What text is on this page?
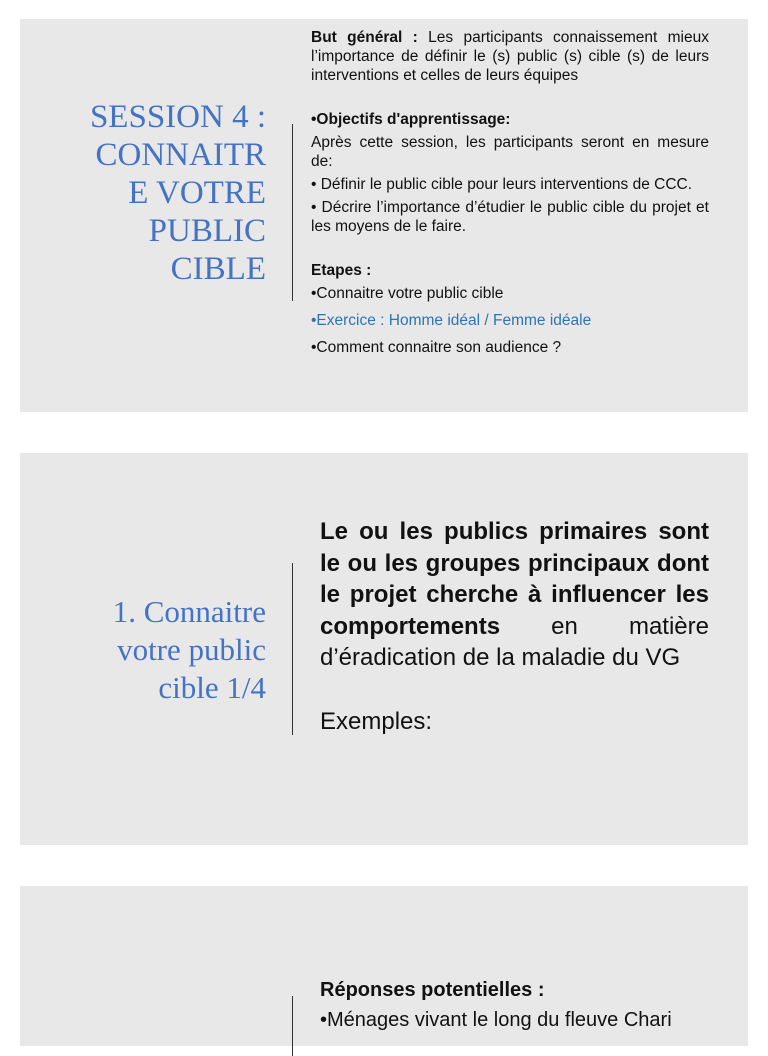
SESSION 4 :
CONNAITR
E VOTRE
PUBLIC
CIBLE

But général : Les participants connaissement mieux l’importance de définir le (s) public (s) cible (s) de leurs interventions et celles de leurs équipes

•Objectifs d'apprentissage:

Après cette session, les participants seront en mesure de:

• Définir le public cible pour leurs interventions de CCC.

• Décrire l’importance d’étudier le public cible du projet et les moyens de le faire.

Etapes :

•Connaitre votre public cible

•Exercice : Homme idéal / Femme idéale

•Comment connaitre son audience ?

1. Connaitre
votre public
cible 1/4

Le ou les publics primaires sont le ou les groupes principaux dont le projet cherche à influencer les comportements en matière d’éradication de la maladie du VG

Exemples:

Réponses potentielles :

•Ménages vivant le long du fleuve Chari
